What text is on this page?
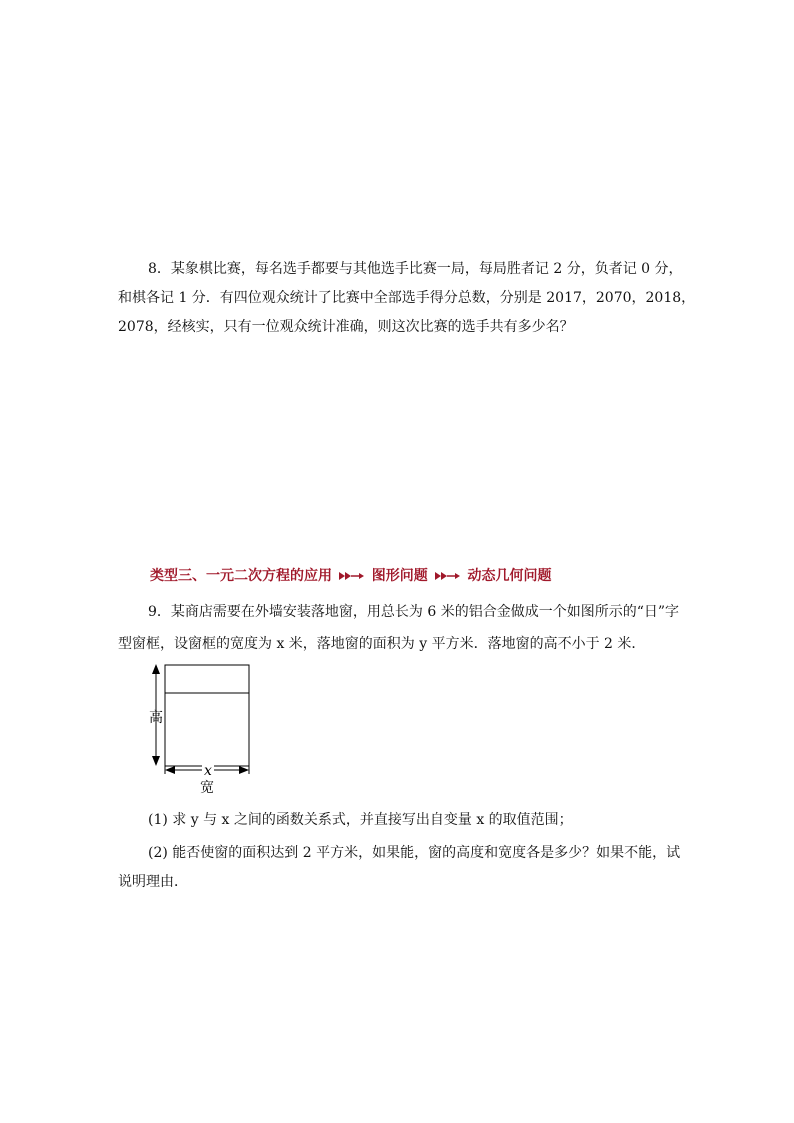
8．某象棋比赛，每名选手都要与其他选手比赛一局，每局胜者记 2 分，负者记 0 分，

和棋各记 1 分．有四位观众统计了比赛中全部选手得分总数，分别是 2017，2070，2018，

2078，经核实，只有一位观众统计准确，则这次比赛的选手共有多少名？

类型三、一元二次方程的应用	图形问题	动态几何问题

9．某商店需要在外墙安装落地窗，用总长为 6 米的铝合金做成一个如图所示的“日”字

型窗框，设窗框的宽度为 x 米，落地窗的面积为 y 平方米．落地窗的高不小于 2 米．

高
x
宽
(1) 求 y 与 x 之间的函数关系式，并直接写出自变量 x 的取值范围；
(2) 能否使窗的面积达到 2 平方米，如果能，窗的高度和宽度各是多少？如果不能，试
说明理由．
